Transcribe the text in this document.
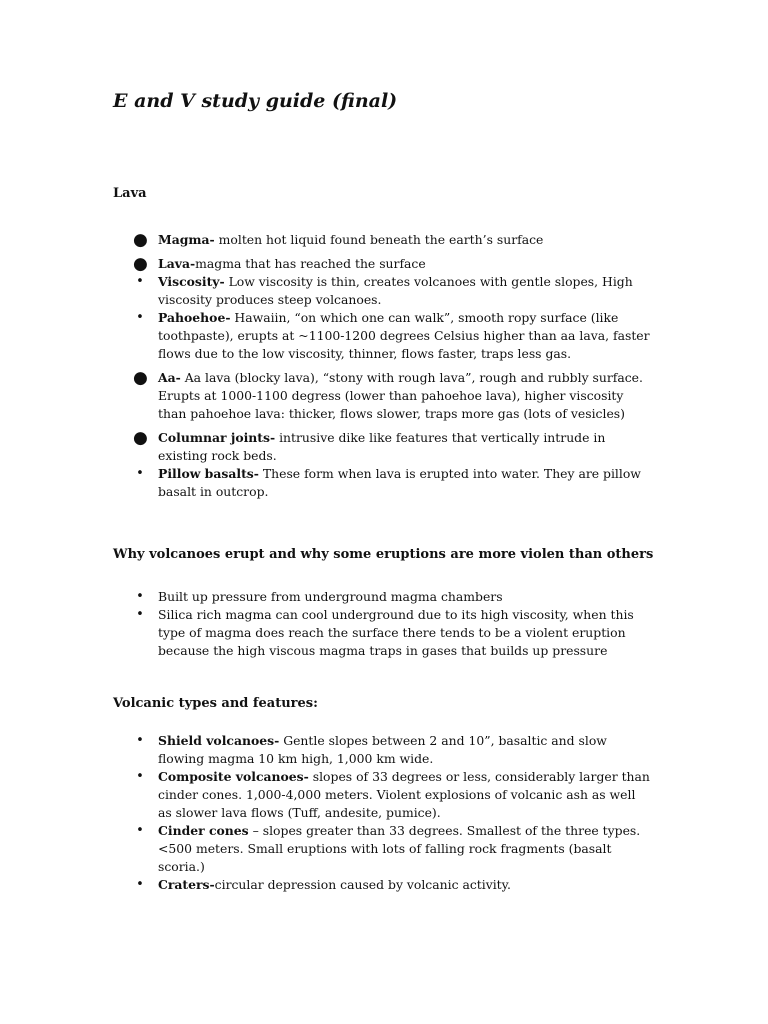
E and V study guide (final)
Lava
● Magma- molten hot liquid found beneath the earth’s surface
● Lava-magma that has reached the surface
• Viscosity- Low viscosity is thin, creates volcanoes with gentle slopes, High viscosity produces steep volcanoes.
• Pahoehoe- Hawaiin, “on which one can walk”, smooth ropy surface (like toothpaste), erupts at ~1100-1200 degrees Celsius higher than aa lava, faster flows due to the low viscosity, thinner, flows faster, traps less gas.
● Aa- Aa lava (blocky lava), “stony with rough lava”, rough and rubbly surface. Erupts at 1000-1100 degress (lower than pahoehoe lava), higher viscosity than pahoehoe lava: thicker, flows slower, traps more gas (lots of vesicles)
● Columnar joints- intrusive dike like features that vertically intrude in existing rock beds.
• Pillow basalts- These form when lava is erupted into water. They are pillow basalt in outcrop.
Why volcanoes erupt and why some eruptions are more violen than others
• Built up pressure from underground magma chambers
• Silica rich magma can cool underground due to its high viscosity, when this type of magma does reach the surface there tends to be a violent eruption because the high viscous magma traps in gases that builds up pressure
Volcanic types and features:
• Shield volcanoes- Gentle slopes between 2 and 10”, basaltic and slow flowing magma 10 km high, 1,000 km wide.
• Composite volcanoes- slopes of 33 degrees or less, considerably larger than cinder cones. 1,000-4,000 meters. Violent explosions of volcanic ash as well as slower lava flows (Tuff, andesite, pumice).
• Cinder cones – slopes greater than 33 degrees. Smallest of the three types. <500 meters. Small eruptions with lots of falling rock fragments (basalt scoria.)
• Craters-circular depression caused by volcanic activity.
